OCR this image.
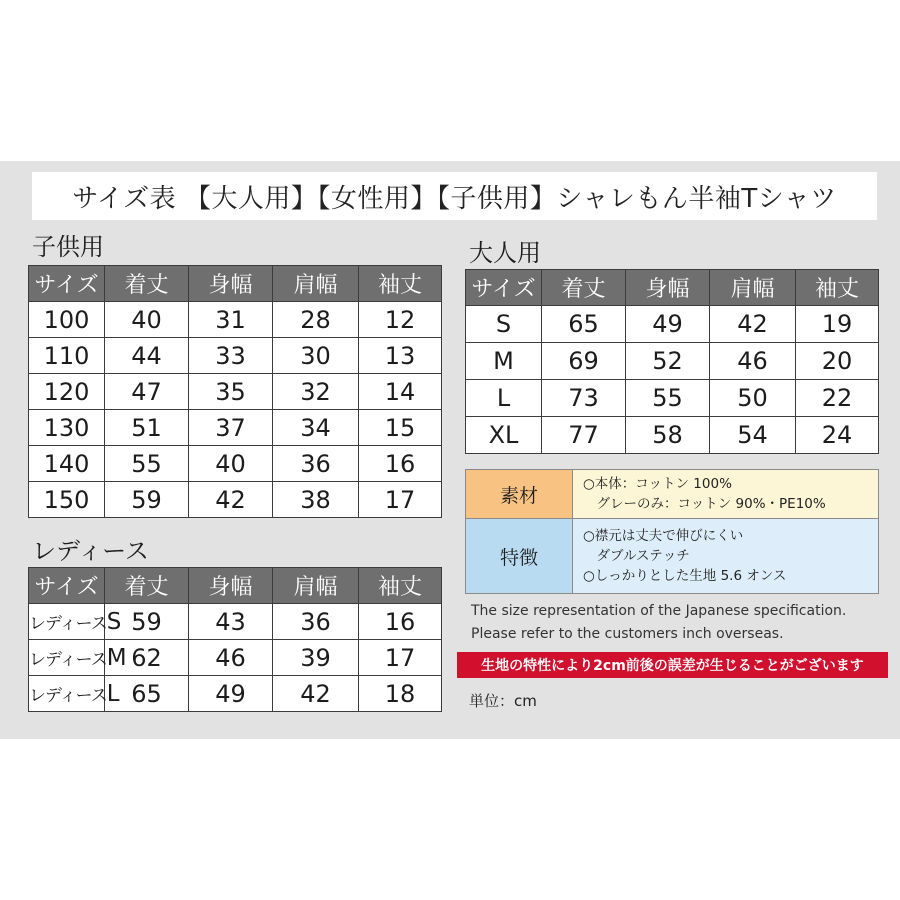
サイズ表 【大人用】【女性用】【子供用】シャレもん半袖Tシャツ
子供用
サイズ	着丈	身幅	肩幅	袖丈
100	40	31	28	12
110	44	33	30	13
120	47	35	32	14
130	51	37	34	15
140	55	40	36	16
150	59	42	38	17
レディース
サイズ	着丈	身幅	肩幅	袖丈
レディースS	59	43	36	16
レディースM	62	46	39	17
レディースL	65	49	42	18
大人用
サイズ	着丈	身幅	肩幅	袖丈
S	65	49	42	19
M	69	52	46	20
L	73	55	50	22
XL	77	58	54	24
素材	○本体：コットン 100%
　グレーのみ：コットン 90%・PE10%

特徴	○襟元は丈夫で伸びにくい
　ダブルステッチ
○しっかりとした生地 5.6 オンス
The size representation of the Japanese specification.
Please refer to the customers inch overseas.
生地の特性により2cm前後の誤差が生じることがございます
単位：cm
